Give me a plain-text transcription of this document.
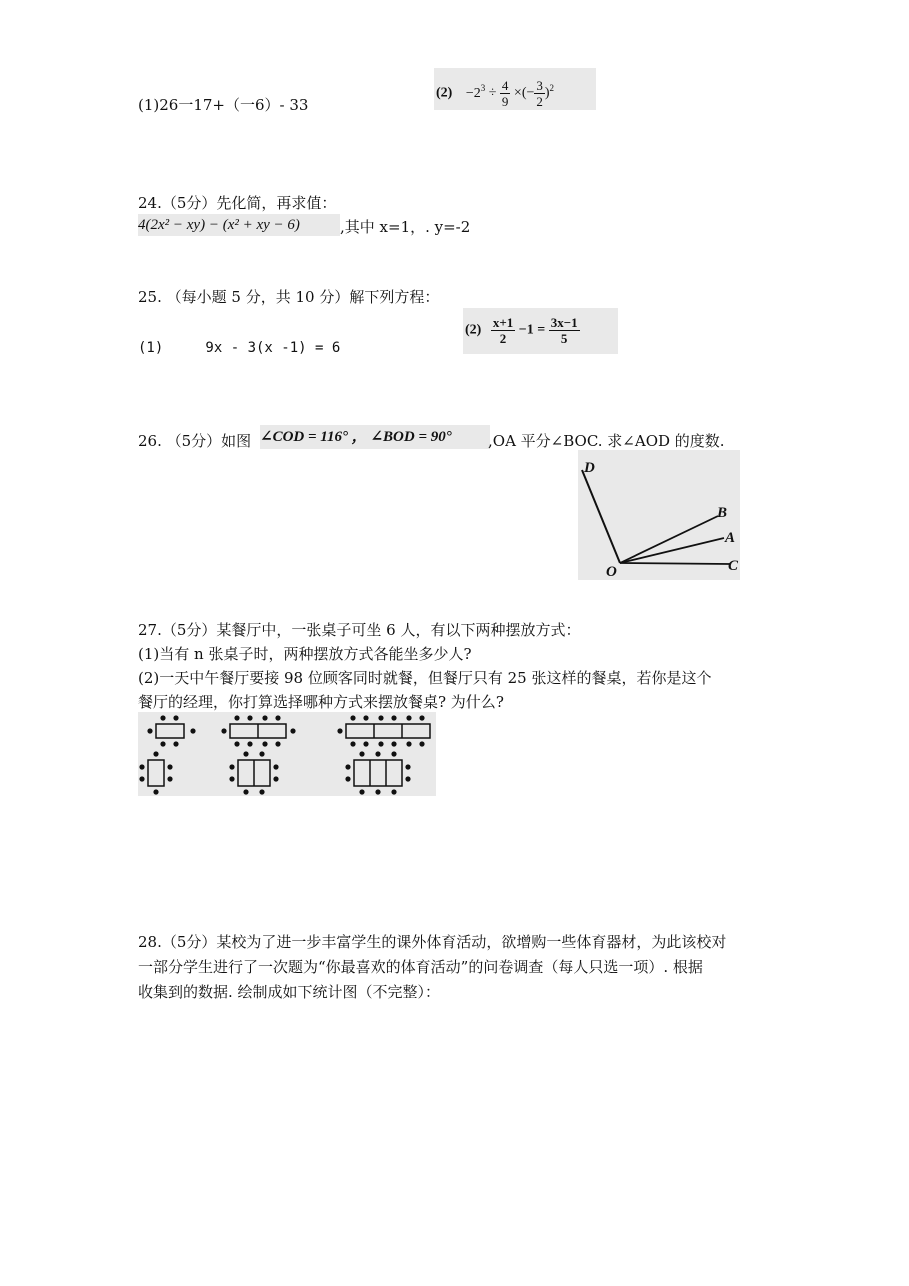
(1)26一17+（一6）- 33
$(2) -2^3 \div \frac{4}{9}$ ×(− $\frac{3}{2} )^2$
24.（5分）先化简，再求值：
4(2x² − xy) − (x² + xy − 6)	,其中 x=1，. y=-2
25. （每小题 5 分，共 10 分）解下列方程：
(1)     9x - 3(x -1) = 6
$(2) \frac{x+1}{2} -1 = \frac{3x-1}{5}$
26. （5分）如图 ∠COD = 116° ， ∠BOD = 90°	,OA 平分∠BOC. 求∠AOD 的度数.
D
B
A
O	C
27.（5分）某餐厅中，一张桌子可坐 6 人，有以下两种摆放方式：
(1)当有 n 张桌子时，两种摆放方式各能坐多少人?
(2)一天中午餐厅要接 98 位顾客同时就餐，但餐厅只有 25 张这样的餐桌，若你是这个
餐厅的经理，你打算选择哪种方式来摆放餐桌? 为什么?
28.（5分）某校为了进一步丰富学生的课外体育活动，欲增购一些体育器材，为此该校对
一部分学生进行了一次题为“你最喜欢的体育活动”的问卷调查（每人只选一项）. 根据
收集到的数据. 绘制成如下统计图（不完整）：
